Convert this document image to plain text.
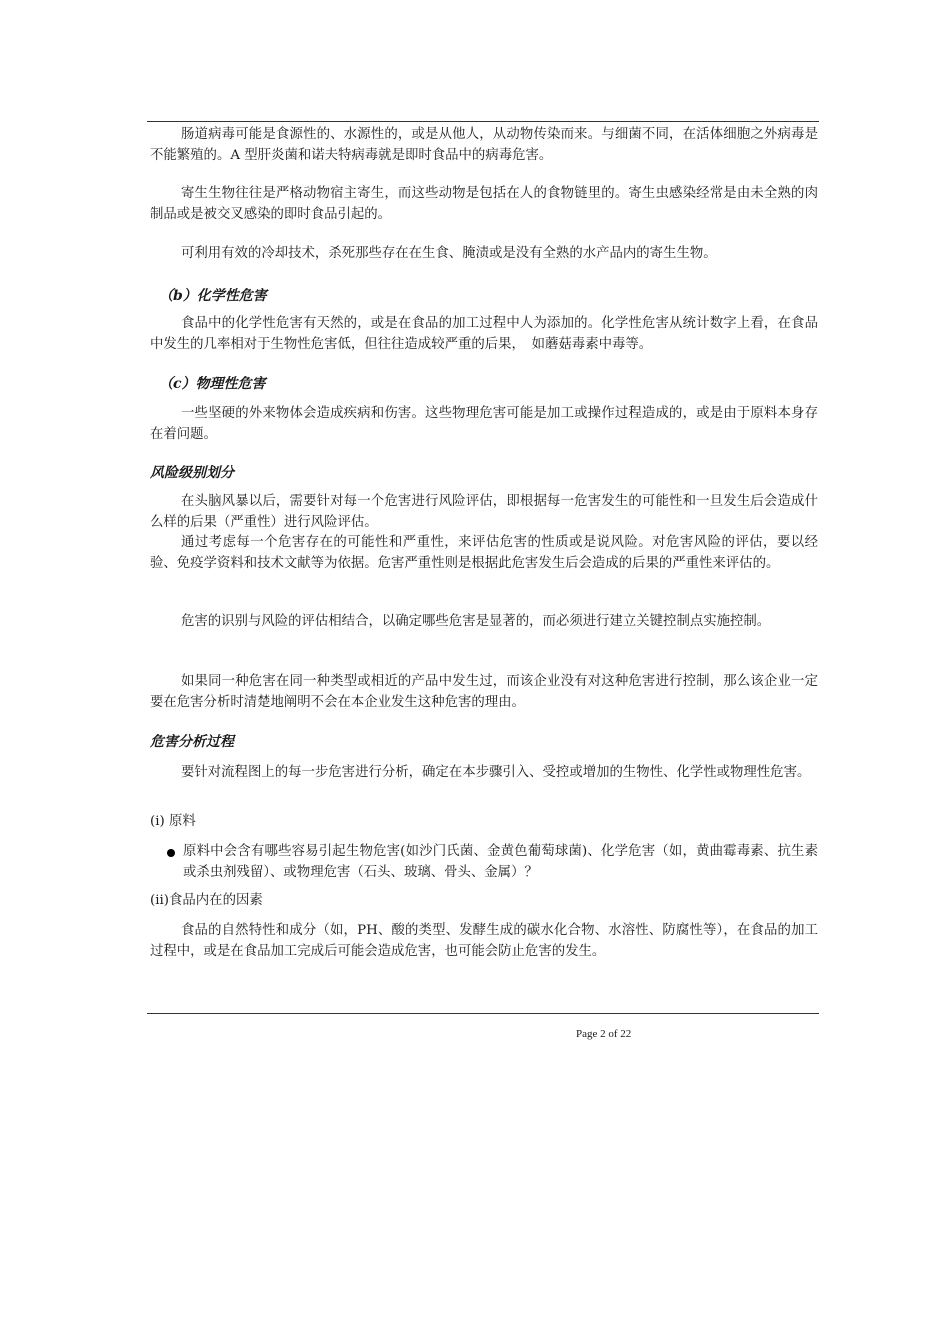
肠道病毒可能是食源性的、水源性的，或是从他人，从动物传染而来。与细菌不同，在活体细胞之外病毒是不能繁殖的。A 型肝炎菌和诺夫特病毒就是即时食品中的病毒危害。

寄生生物往往是严格动物宿主寄生，而这些动物是包括在人的食物链里的。寄生虫感染经常是由未全熟的肉制品或是被交叉感染的即时食品引起的。

可利用有效的冷却技术，杀死那些存在在生食、腌渍或是没有全熟的水产品内的寄生生物。

（b）化学性危害

食品中的化学性危害有天然的，或是在食品的加工过程中人为添加的。化学性危害从统计数字上看，在食品中发生的几率相对于生物性危害低，但往往造成较严重的后果，　如蘑菇毒素中毒等。

（c）物理性危害

一些坚硬的外来物体会造成疾病和伤害。这些物理危害可能是加工或操作过程造成的，或是由于原料本身存在着问题。

风险级别划分

在头脑风暴以后，需要针对每一个危害进行风险评估，即根据每一危害发生的可能性和一旦发生后会造成什么样的后果（严重性）进行风险评估。

通过考虑每一个危害存在的可能性和严重性，来评估危害的性质或是说风险。对危害风险的评估，要以经验、免疫学资料和技术文献等为依据。危害严重性则是根据此危害发生后会造成的后果的严重性来评估的。

危害的识别与风险的评估相结合，以确定哪些危害是显著的，而必须进行建立关键控制点实施控制。

如果同一种危害在同一种类型或相近的产品中发生过，而该企业没有对这种危害进行控制，那么该企业一定要在危害分析时清楚地阐明不会在本企业发生这种危害的理由。

危害分析过程

要针对流程图上的每一步危害进行分析，确定在本步骤引入、受控或增加的生物性、化学性或物理性危害。

(i) 原料

原料中会含有哪些容易引起生物危害(如沙门氏菌、金黄色葡萄球菌)、化学危害（如，黄曲霉毒素、抗生素或杀虫剂残留）、或物理危害（石头、玻璃、骨头、金属）？

(ii)食品内在的因素

食品的自然特性和成分（如，PH、酸的类型、发酵生成的碳水化合物、水溶性、防腐性等），在食品的加工过程中，或是在食品加工完成后可能会造成危害，也可能会防止危害的发生。

Page 2 of 22
